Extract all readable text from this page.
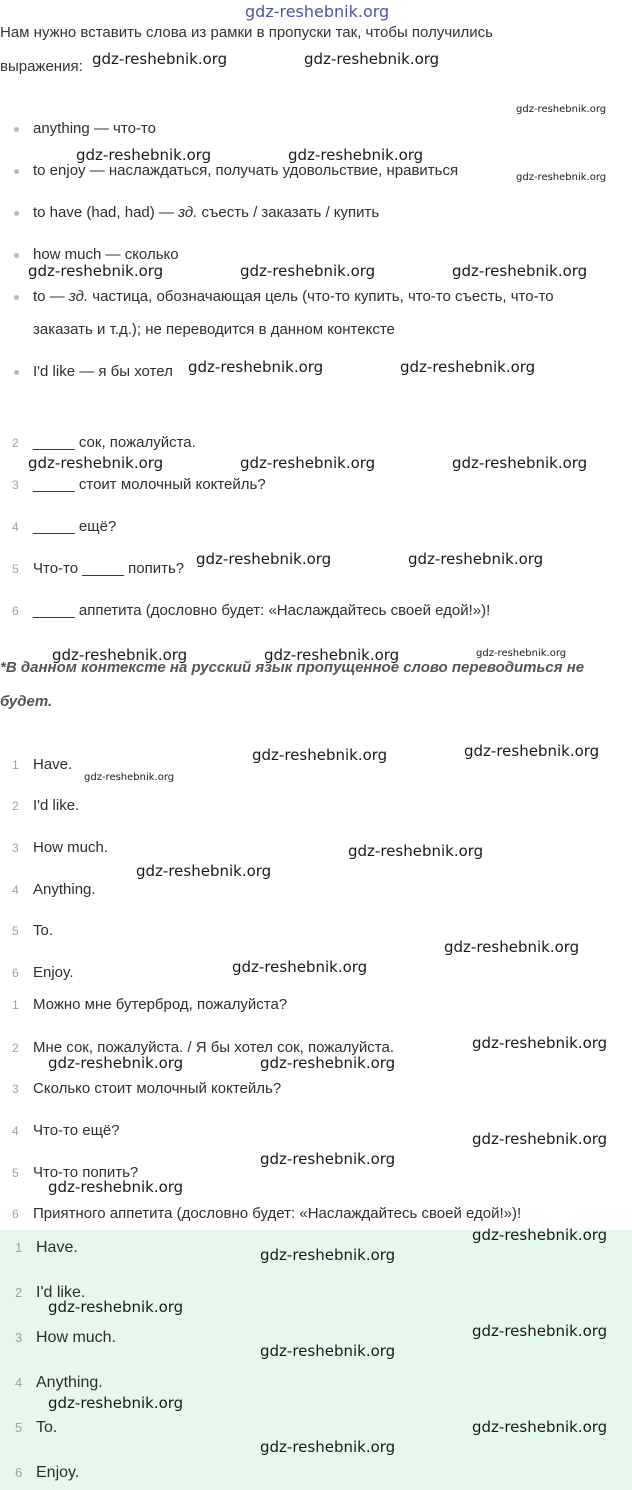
gdz-reshebnik.org
Нам нужно вставить слова из рамки в пропуски так, чтобы получились
выражения:
anything — что-то
to enjoy — наслаждаться, получать удовольствие, нравиться
to have (had, had) — зд. съесть / заказать / купить
how much — сколько
to — зд. частица, обозначающая цель (что-то купить, что-то съесть, что-то
заказать и т.д.); не переводится в данном контексте
I'd like — я бы хотел
2 _____ сок, пожалуйста.
3 _____ стоит молочный коктейль?
4 _____ ещё?
5 Что-то _____ попить?
6 _____ аппетита (дословно будет: «Наслаждайтесь своей едой!»)!
*В данном контексте на русский язык пропущенное слово переводиться не
будет.
1 Have.
2 I'd like.
3 How much.
4 Anything.
5 To.
6 Enjoy.
1 Можно мне бутерброд, пожалуйста?
2 Мне сок, пожалуйста. / Я бы хотел сок, пожалуйста.
3 Сколько стоит молочный коктейль?
4 Что-то ещё?
5 Что-то попить?
6 Приятного аппетита (дословно будет: «Наслаждайтесь своей едой!»)!
1 Have.
2 I'd like.
3 How much.
4 Anything.
5 To.
6 Enjoy.
gdz-reshebnik.org	gdz-reshebnik.org
gdz-reshebnik.org
gdz-reshebnik.org	gdz-reshebnik.org
gdz-reshebnik.org
gdz-reshebnik.org	gdz-reshebnik.org	gdz-reshebnik.org
gdz-reshebnik.org	gdz-reshebnik.org
gdz-reshebnik.org	gdz-reshebnik.org	gdz-reshebnik.org
gdz-reshebnik.org	gdz-reshebnik.org
gdz-reshebnik.org	gdz-reshebnik.org	gdz-reshebnik.org
gdz-reshebnik.org	gdz-reshebnik.org
gdz-reshebnik.org
gdz-reshebnik.org
gdz-reshebnik.org
gdz-reshebnik.org
gdz-reshebnik.org
gdz-reshebnik.org
gdz-reshebnik.org	gdz-reshebnik.org
gdz-reshebnik.org
gdz-reshebnik.org
gdz-reshebnik.org
gdz-reshebnik.org
gdz-reshebnik.org
gdz-reshebnik.org
gdz-reshebnik.org
gdz-reshebnik.org
gdz-reshebnik.org
gdz-reshebnik.org
gdz-reshebnik.org
